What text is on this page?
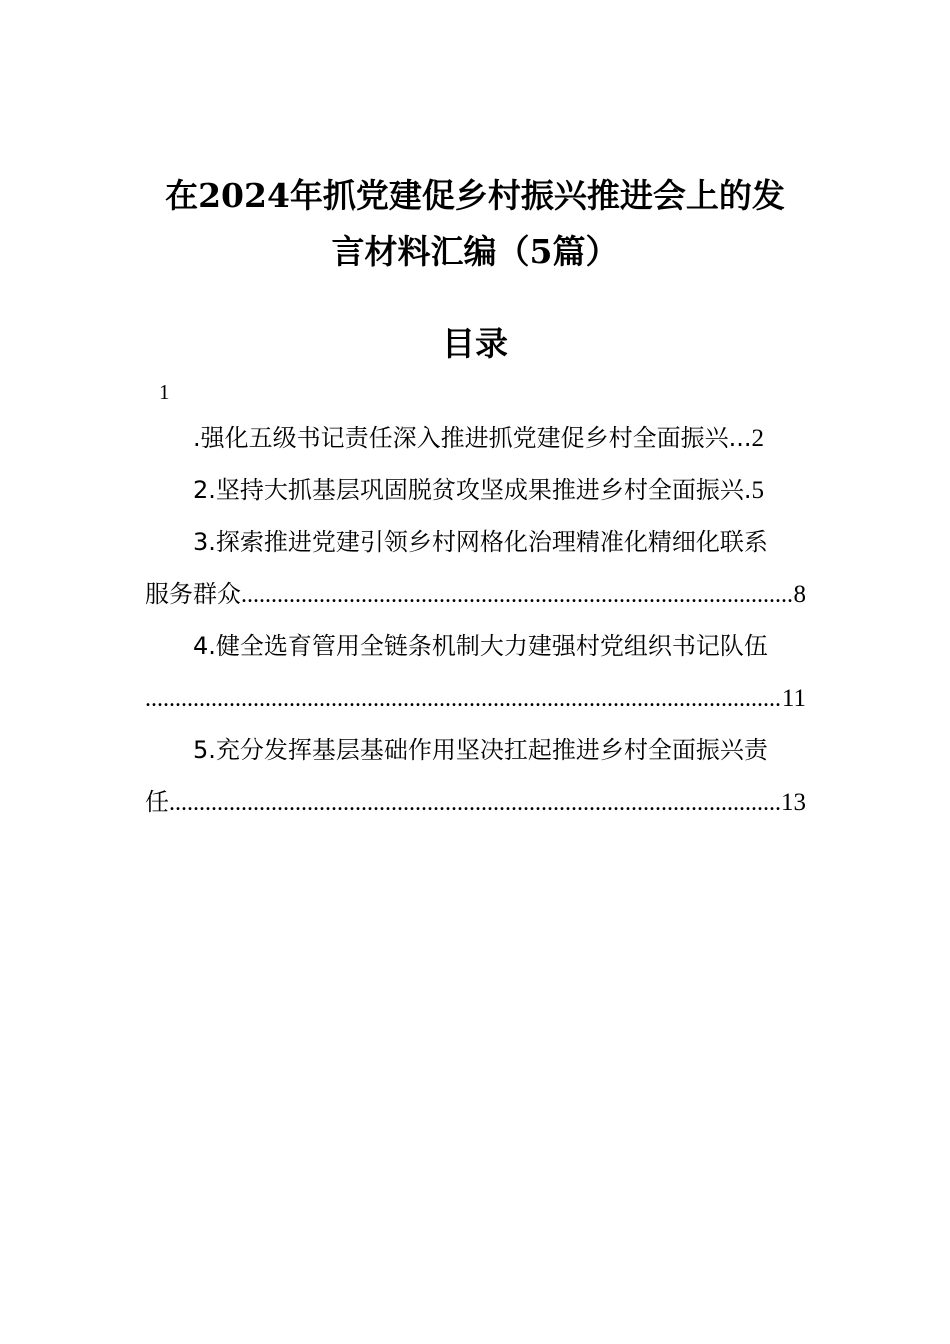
在2024年抓党建促乡村振兴推进会上的发
言材料汇编（5篇）
目录
1
.强化五级书记责任深入推进抓党建促乡村全面振兴... 2
2.坚持大抓基层巩固脱贫攻坚成果推进乡村全面振兴. 5
3.探索推进党建引领乡村网格化治理精准化精细化联系
服务群众 .....	8
4.健全选育管用全链条机制大力建强村党组织书记队伍
.....
11
5.充分发挥基层基础作用坚决扛起推进乡村全面振兴责
任 .....	13
